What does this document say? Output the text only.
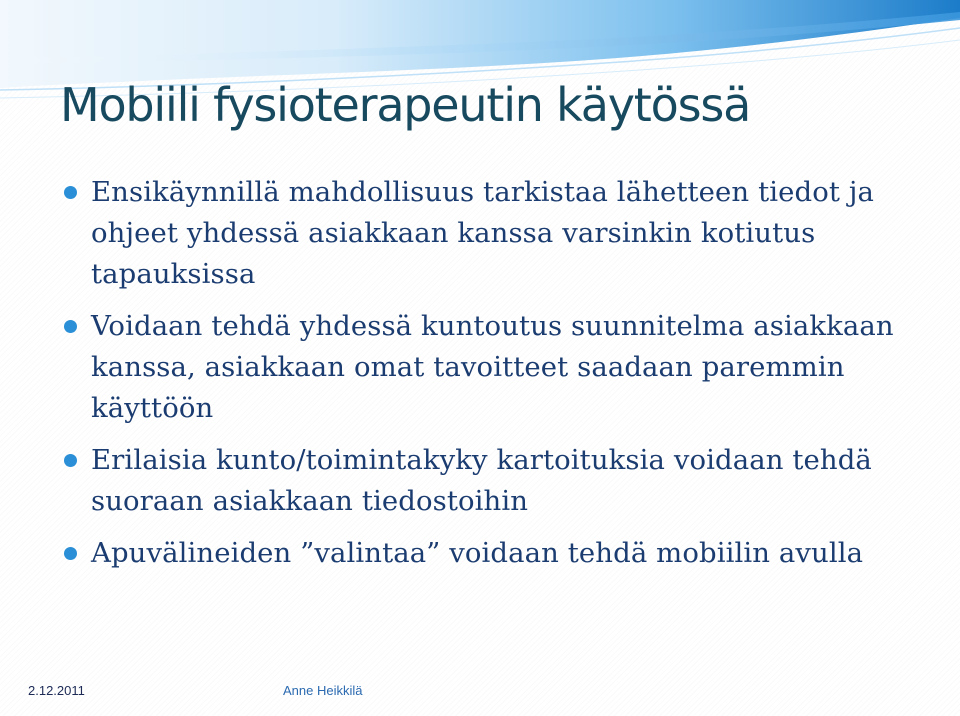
Mobiili fysioterapeutin käytössä
Ensikäynnillä mahdollisuus tarkistaa lähetteen tiedot ja ohjeet yhdessä asiakkaan kanssa varsinkin kotiutus tapauksissa
Voidaan tehdä yhdessä kuntoutus suunnitelma asiakkaan kanssa, asiakkaan omat tavoitteet saadaan paremmin käyttöön
Erilaisia kunto/toimintakyky kartoituksia voidaan tehdä suoraan asiakkaan tiedostoihin
Apuvälineiden ”valintaa” voidaan tehdä mobiilin avulla
2.12.2011	Anne Heikkilä
